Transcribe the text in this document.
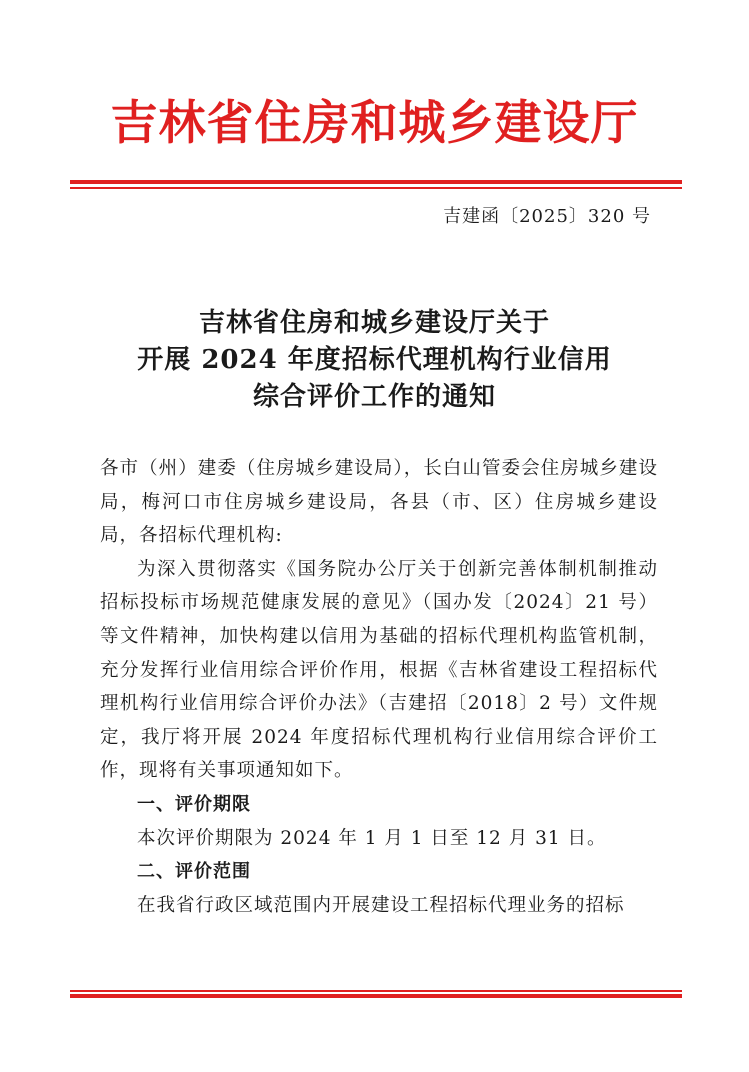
吉林省住房和城乡建设厅
吉建函〔2025〕320 号
吉林省住房和城乡建设厅关于
开展 2024 年度招标代理机构行业信用
综合评价工作的通知

各市（州）建委（住房城乡建设局），长白山管委会住房城乡建设局，梅河口市住房城乡建设局，各县（市、区）住房城乡建设局，各招标代理机构:

为深入贯彻落实《国务院办公厅关于创新完善体制机制推动招标投标市场规范健康发展的意见》（国办发〔2024〕21 号）等文件精神，加快构建以信用为基础的招标代理机构监管机制，充分发挥行业信用综合评价作用，根据《吉林省建设工程招标代理机构行业信用综合评价办法》（吉建招〔2018〕2 号）文件规定，我厅将开展 2024 年度招标代理机构行业信用综合评价工作，现将有关事项通知如下。

一、评价期限

本次评价期限为 2024 年 1 月 1 日至 12 月 31 日。

二、评价范围

在我省行政区域范围内开展建设工程招标代理业务的招标
